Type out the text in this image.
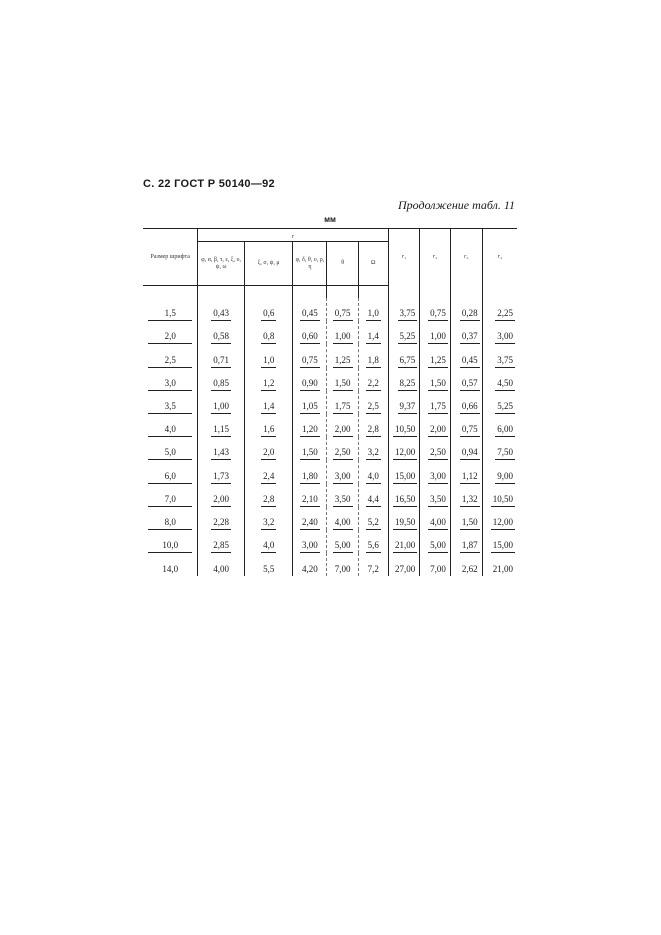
С. 22 ГОСТ Р 50140—92
Продолжение табл. 11
мм
Размер шрифта	r					r₁	r₂	r₃	r₄
	φ, α, β, τ, ε, ξ, υ, ψ, ω	ξ, σ, ψ, μ	φ, δ, θ, υ, ρ, η	θ	Ω				

1,5	0,43	0,6	0,45	0,75	1,0	3,75	0,75	0,28	2,25
2,0	0,58	0,8	0,60	1,00	1,4	5,25	1,00	0,37	3,00
2,5	0,71	1,0	0,75	1,25	1,8	6,75	1,25	0,45	3,75
3,0	0,85	1,2	0,90	1,50	2,2	8,25	1,50	0,57	4,50
3,5	1,00	1,4	1,05	1,75	2,5	9,37	1,75	0,66	5,25
4,0	1,15	1,6	1,20	2,00	2,8	10,50	2,00	0,75	6,00
5,0	1,43	2,0	1,50	2,50	3,2	12,00	2,50	0,94	7,50
6,0	1,73	2,4	1,80	3,00	4,0	15,00	3,00	1,12	9,00
7,0	2,00	2,8	2,10	3,50	4,4	16,50	3,50	1,32	10,50
8,0	2,28	3,2	2,40	4,00	5,2	19,50	4,00	1,50	12,00
10,0	2,85	4,0	3,00	5,00	5,6	21,00	5,00	1,87	15,00
14,0	4,00	5,5	4,20	7,00	7,2	27,00	7,00	2,62	21,00
